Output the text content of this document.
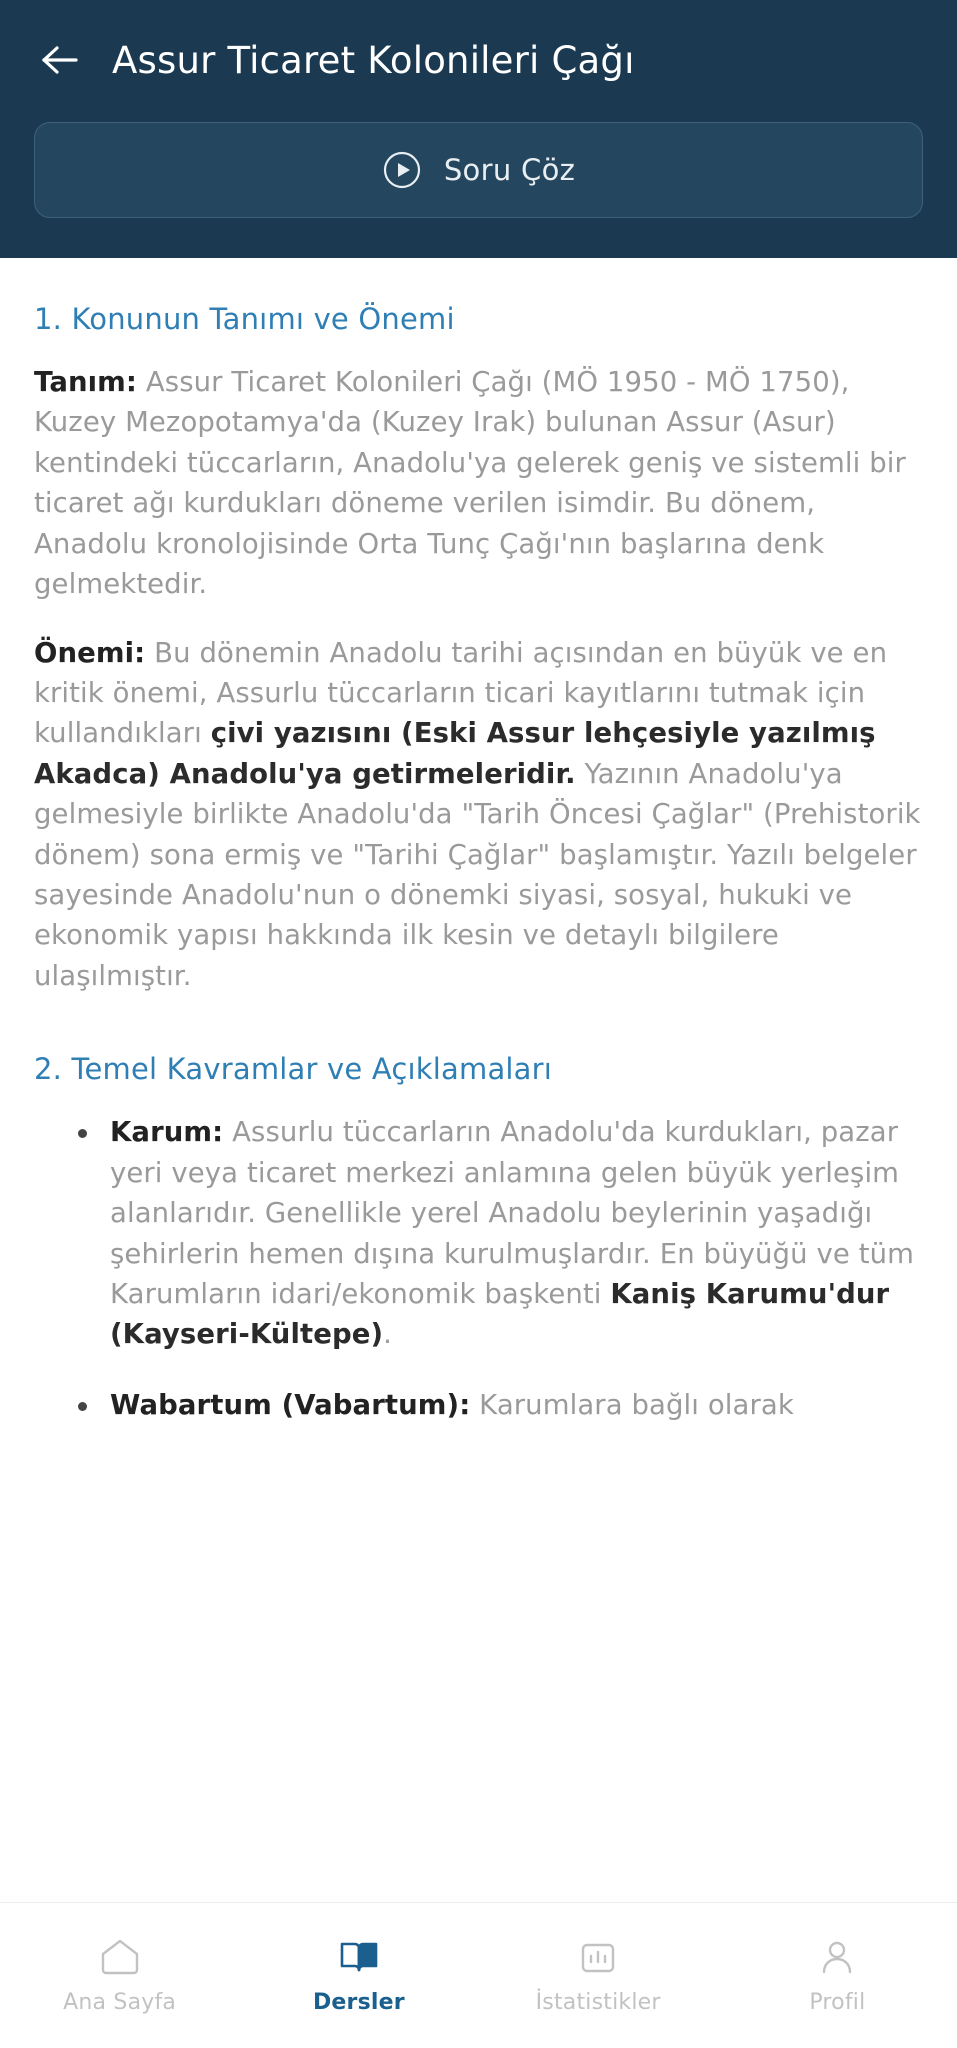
Assur Ticaret Kolonileri Çağı
Soru Çöz
1. Konunun Tanımı ve Önemi

Tanım: Assur Ticaret Kolonileri Çağı (MÖ 1950 - MÖ 1750), Kuzey Mezopotamya'da (Kuzey Irak) bulunan Assur (Asur) kentindeki tüccarların, Anadolu'ya gelerek geniş ve sistemli bir ticaret ağı kurdukları döneme verilen isimdir. Bu dönem, Anadolu kronolojisinde Orta Tunç Çağı'nın başlarına denk gelmektedir.

Önemi: Bu dönemin Anadolu tarihi açısından en büyük ve en kritik önemi, Assurlu tüccarların ticari kayıtlarını tutmak için kullandıkları çivi yazısını (Eski Assur lehçesiyle yazılmış Akadca) Anadolu'ya getirmeleridir. Yazının Anadolu'ya gelmesiyle birlikte Anadolu'da "Tarih Öncesi Çağlar" (Prehistorik dönem) sona ermiş ve "Tarihi Çağlar" başlamıştır. Yazılı belgeler sayesinde Anadolu'nun o dönemki siyasi, sosyal, hukuki ve ekonomik yapısı hakkında ilk kesin ve detaylı bilgilere ulaşılmıştır.

2. Temel Kavramlar ve Açıklamaları
Karum: Assurlu tüccarların Anadolu'da kurdukları, pazar yeri veya ticaret merkezi anlamına gelen büyük yerleşim alanlarıdır. Genellikle yerel Anadolu beylerinin yaşadığı şehirlerin hemen dışına kurulmuşlardır. En büyüğü ve tüm Karumların idari/ekonomik başkenti Kaniş Karumu'dur (Kayseri-Kültepe).
Wabartum (Vabartum): Karumlara bağlı olarak
Ana Sayfa	Dersler	İstatistikler	Profil
